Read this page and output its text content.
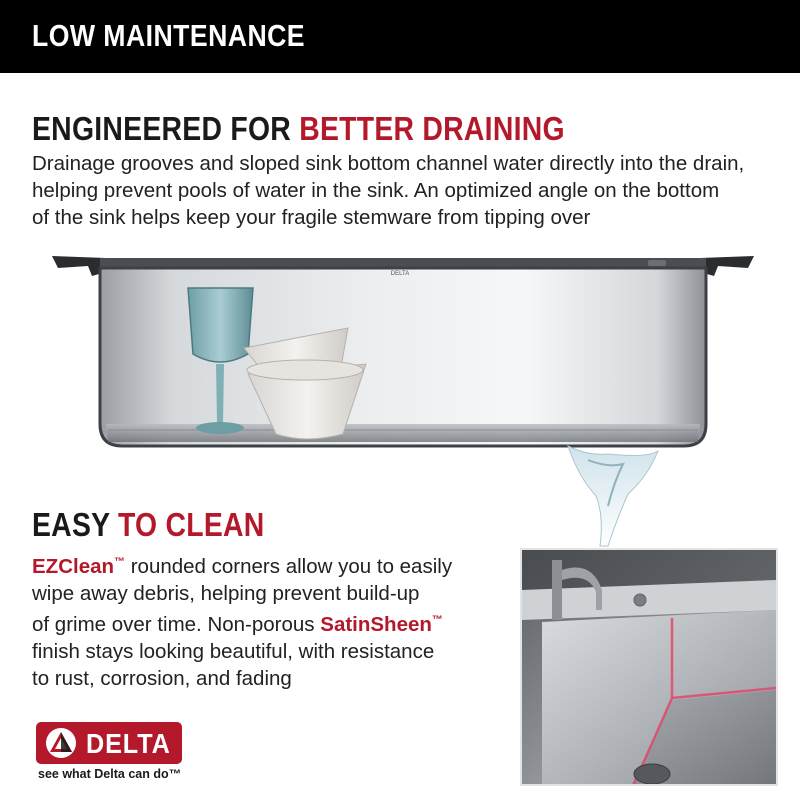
LOW MAINTENANCE
ENGINEERED FOR BETTER DRAINING
Drainage grooves and sloped sink bottom channel water directly into the drain,
helping prevent pools of water in the sink. An optimized angle on the bottom
of the sink helps keep your fragile stemware from tipping over
DELTA
EASY TO CLEAN
EZClean™ rounded corners allow you to easily
wipe away debris, helping prevent build-up
of grime over time. Non-porous SatinSheen™
finish stays looking beautiful, with resistance
to rust, corrosion, and fading
DELTA
see what Delta can do™
